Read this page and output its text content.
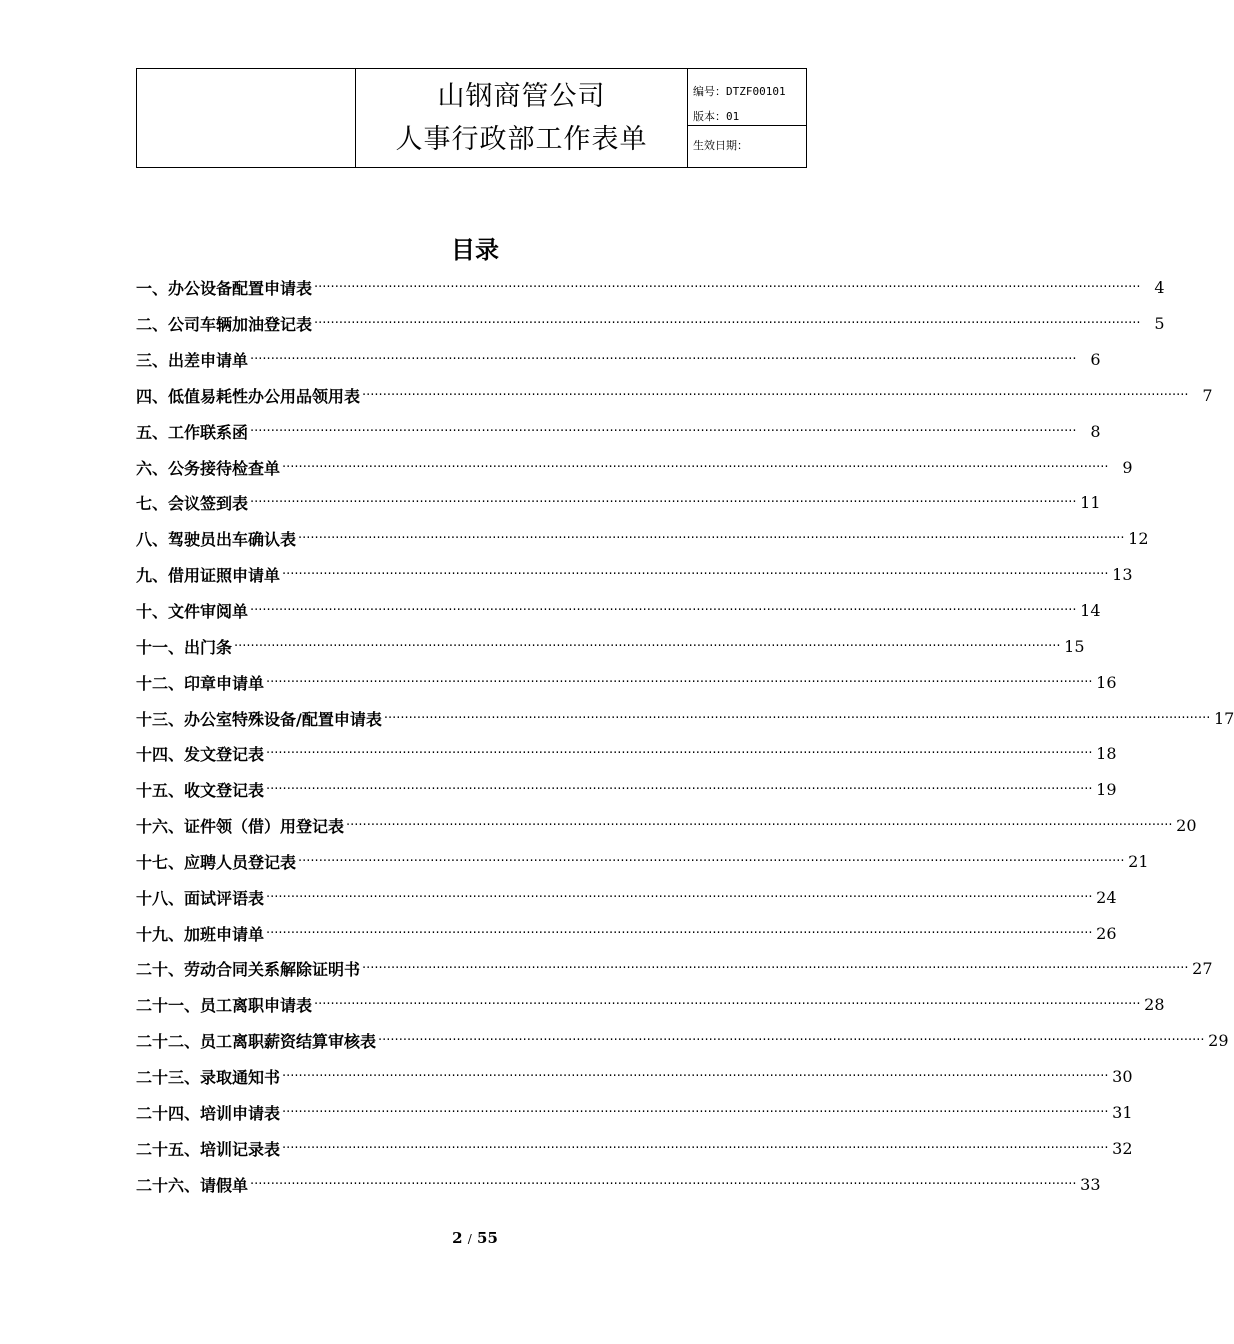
山钢商管公司
人事行政部工作表单
编号：DTZF00101
版本：01
生效日期：
目录
一、 办公设备配置申请表 ········································································································································································································ 4
二、 公司车辆加油登记表 ········································································································································································································ 5
三、 出差申请单 ········································································································································································································ 6
四、 低值易耗性办公用品领用表 ········································································································································································································ 7
五、 工作联系函 ········································································································································································································ 8
六、 公务接待检查单 ········································································································································································································ 9
七、 会议签到表 ········································································································································································································ 11
八、 驾驶员出车确认表 ········································································································································································································ 12
九、 借用证照申请单 ········································································································································································································ 13
十、 文件审阅单 ········································································································································································································ 14
十一、 出门条 ········································································································································································································ 15
十二、 印章申请单 ········································································································································································································ 16
十三、 办公室特殊设备/配置申请表 ········································································································································································································ 17
十四、 发文登记表 ········································································································································································································ 18
十五、 收文登记表 ········································································································································································································ 19
十六、 证件领（借）用登记表 ········································································································································································································ 20
十七、 应聘人员登记表 ········································································································································································································ 21
十八、 面试评语表 ········································································································································································································ 24
十九、 加班申请单 ········································································································································································································ 26
二十、 劳动合同关系解除证明书 ········································································································································································································ 27
二十一、 员工离职申请表 ········································································································································································································ 28
二十二、 员工离职薪资结算审核表 ········································································································································································································ 29
二十三、 录取通知书 ········································································································································································································ 30
二十四、 培训申请表 ········································································································································································································ 31
二十五、 培训记录表 ········································································································································································································ 32
二十六、 请假单 ········································································································································································································ 33
2 / 55
